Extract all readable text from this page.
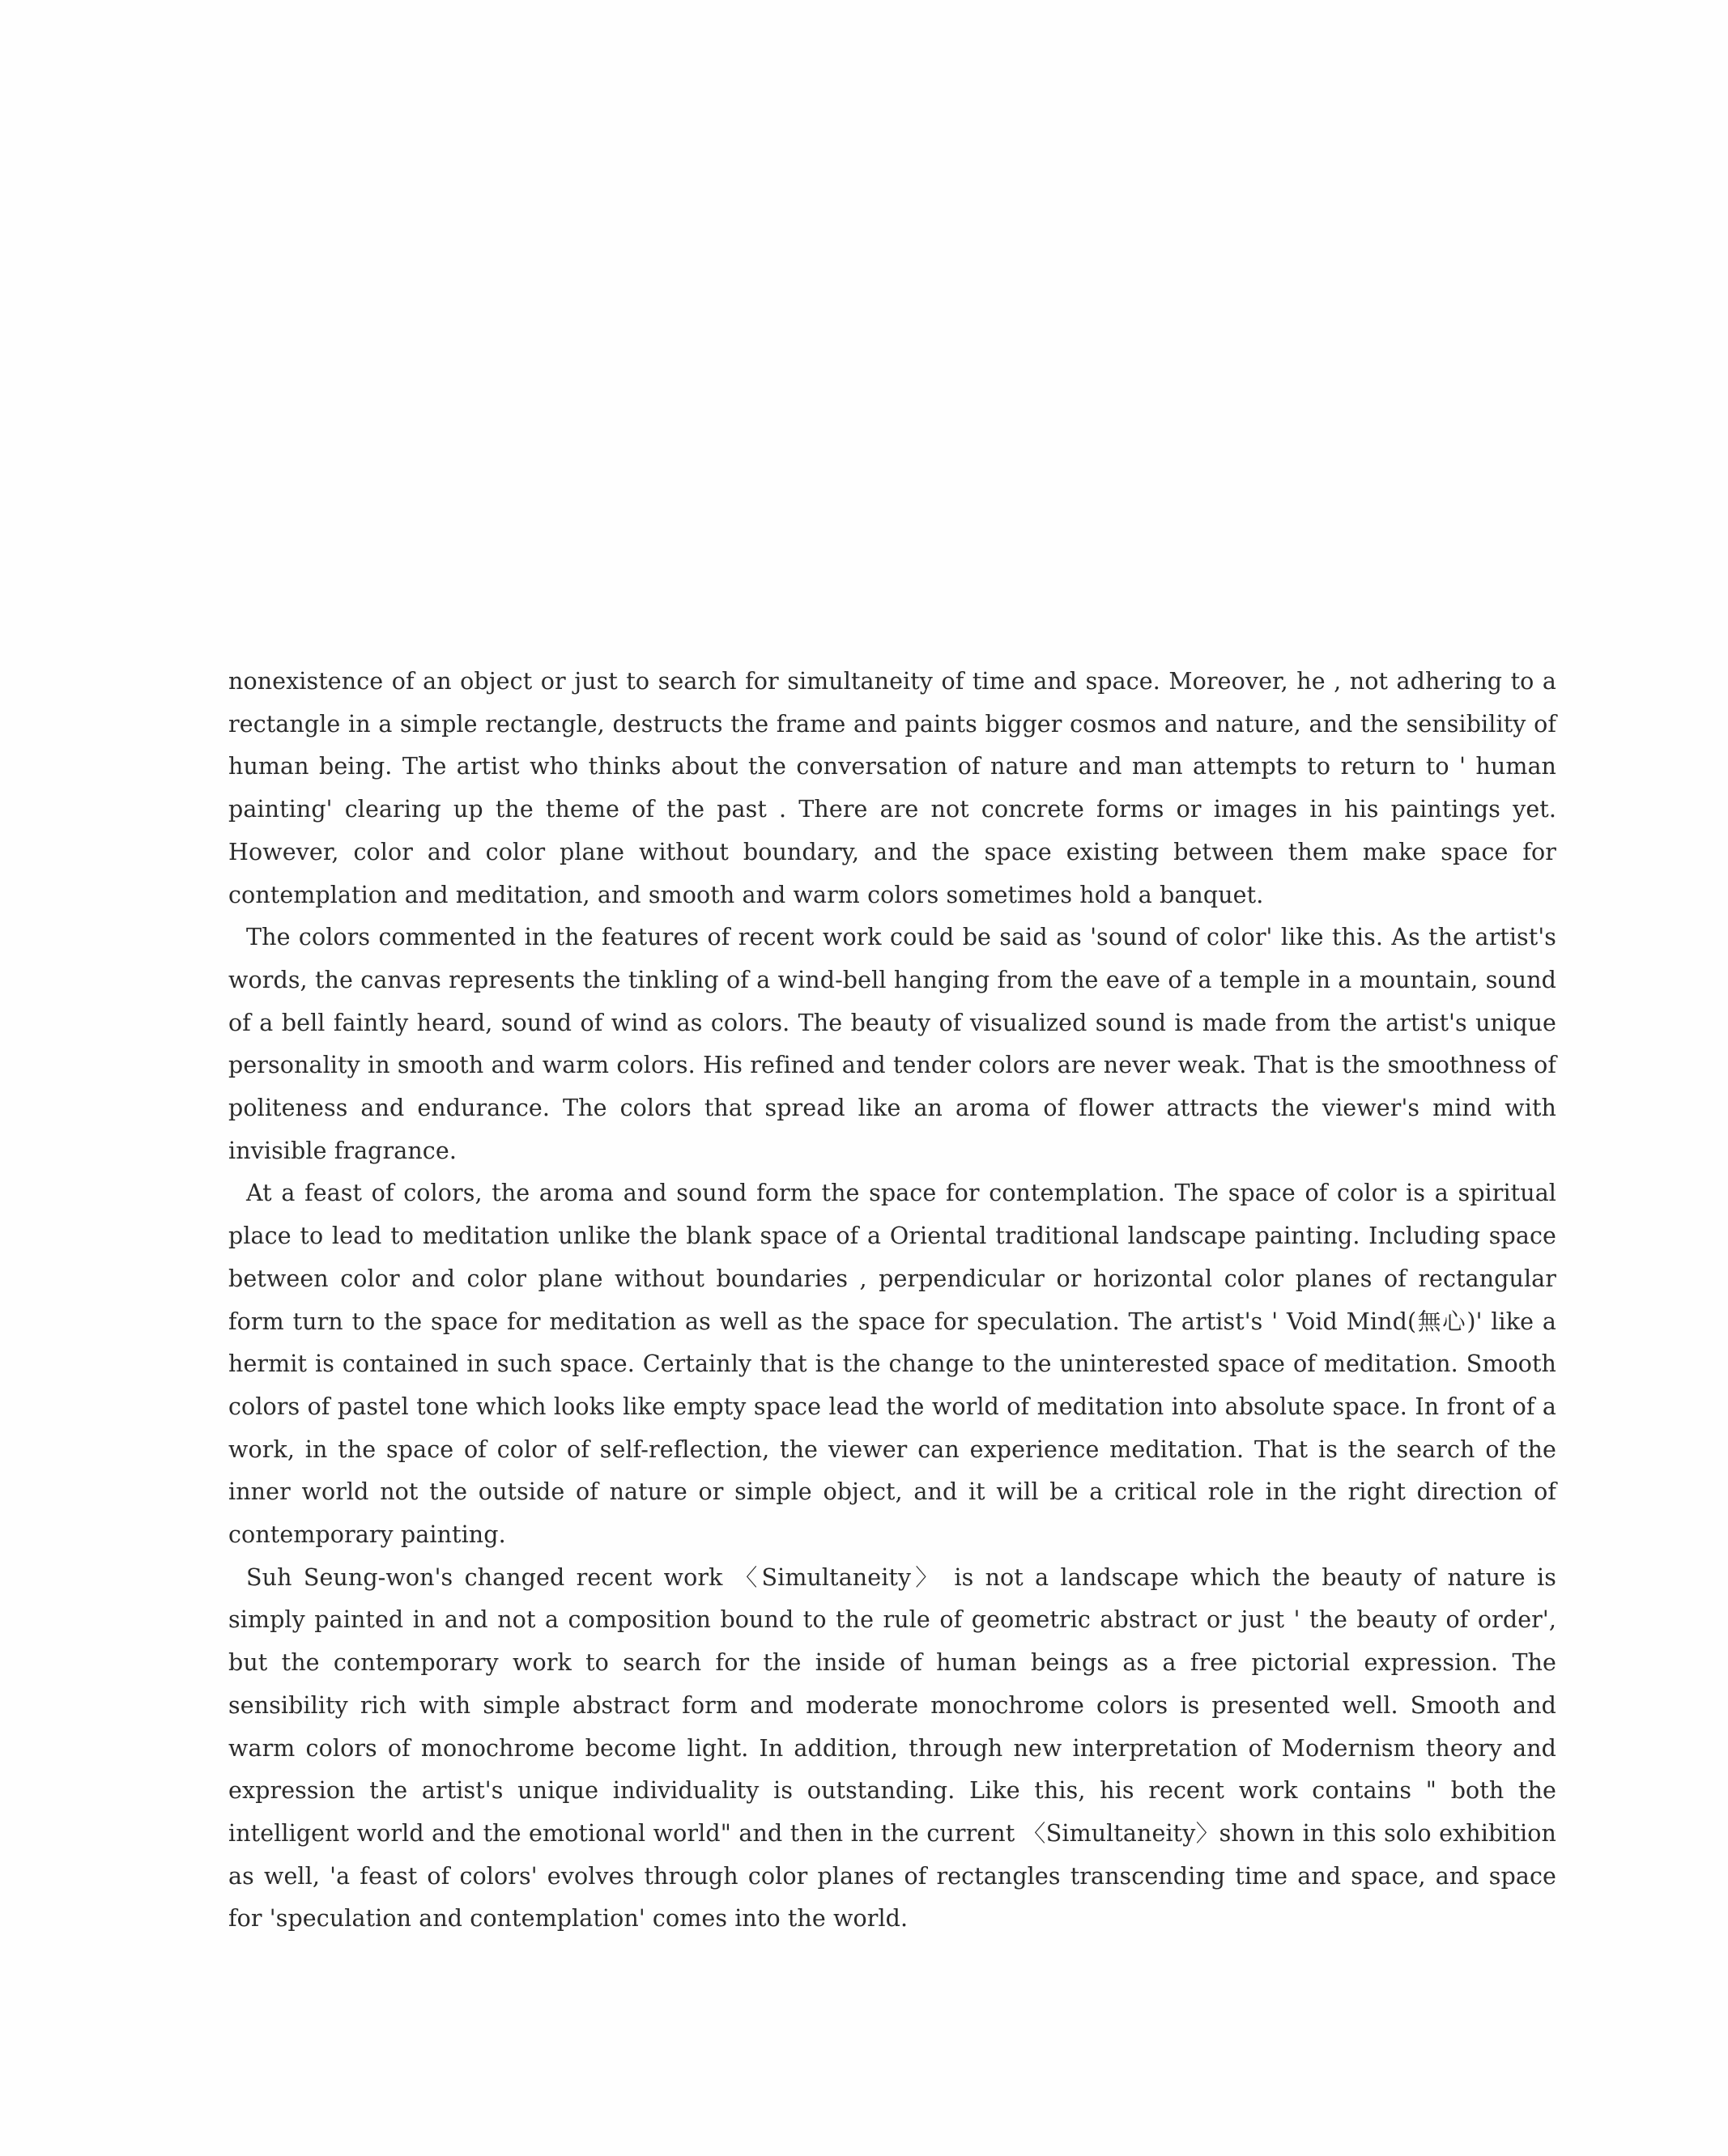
nonexistence of an object or just to search for simultaneity of time and space. Moreover, he , not adhering to a rectangle in a simple rectangle, destructs the frame and paints bigger cosmos and nature, and the sensibility of human being. The artist who thinks about the conversation of nature and man attempts to return to ' human painting' clearing up the theme of the past . There are not concrete forms or images in his paintings yet. However, color and color plane without boundary, and the space existing between them make space for contemplation and meditation, and smooth and warm colors sometimes hold a banquet.

The colors commented in the features of recent work could be said as 'sound of color' like this. As the artist's words, the canvas represents the tinkling of a wind-bell hanging from the eave of a temple in a mountain, sound of a bell faintly heard, sound of wind as colors. The beauty of visualized sound is made from the artist's unique personality in smooth and warm colors. His refined and tender colors are never weak. That is the smoothness of politeness and endurance. The colors that spread like an aroma of flower attracts the viewer's mind with invisible fragrance.

At a feast of colors, the aroma and sound form the space for contemplation. The space of color is a spiritual place to lead to meditation unlike the blank space of a Oriental traditional landscape painting. Including space between color and color plane without boundaries , perpendicular or horizontal color planes of rectangular form turn to the space for meditation as well as the space for speculation. The artist's ' Void Mind(無心)' like a hermit is contained in such space. Certainly that is the change to the uninterested space of meditation. Smooth colors of pastel tone which looks like empty space lead the world of meditation into absolute space. In front of a work, in the space of color of self-reflection, the viewer can experience meditation. That is the search of the inner world not the outside of nature or simple object, and it will be a critical role in the right direction of contemporary painting.

Suh Seung-won's changed recent work 〈Simultaneity〉 is not a landscape which the beauty of nature is simply painted in and not a composition bound to the rule of geometric abstract or just ' the beauty of order', but the contemporary work to search for the inside of human beings as a free pictorial expression. The sensibility rich with simple abstract form and moderate monochrome colors is presented well. Smooth and warm colors of monochrome become light. In addition, through new interpretation of Modernism theory and expression the artist's unique individuality is outstanding. Like this, his recent work contains " both the intelligent world and the emotional world" and then in the current 〈Simultaneity〉shown in this solo exhibition as well, 'a feast of colors' evolves through color planes of rectangles transcending time and space, and space for 'speculation and contemplation' comes into the world.
